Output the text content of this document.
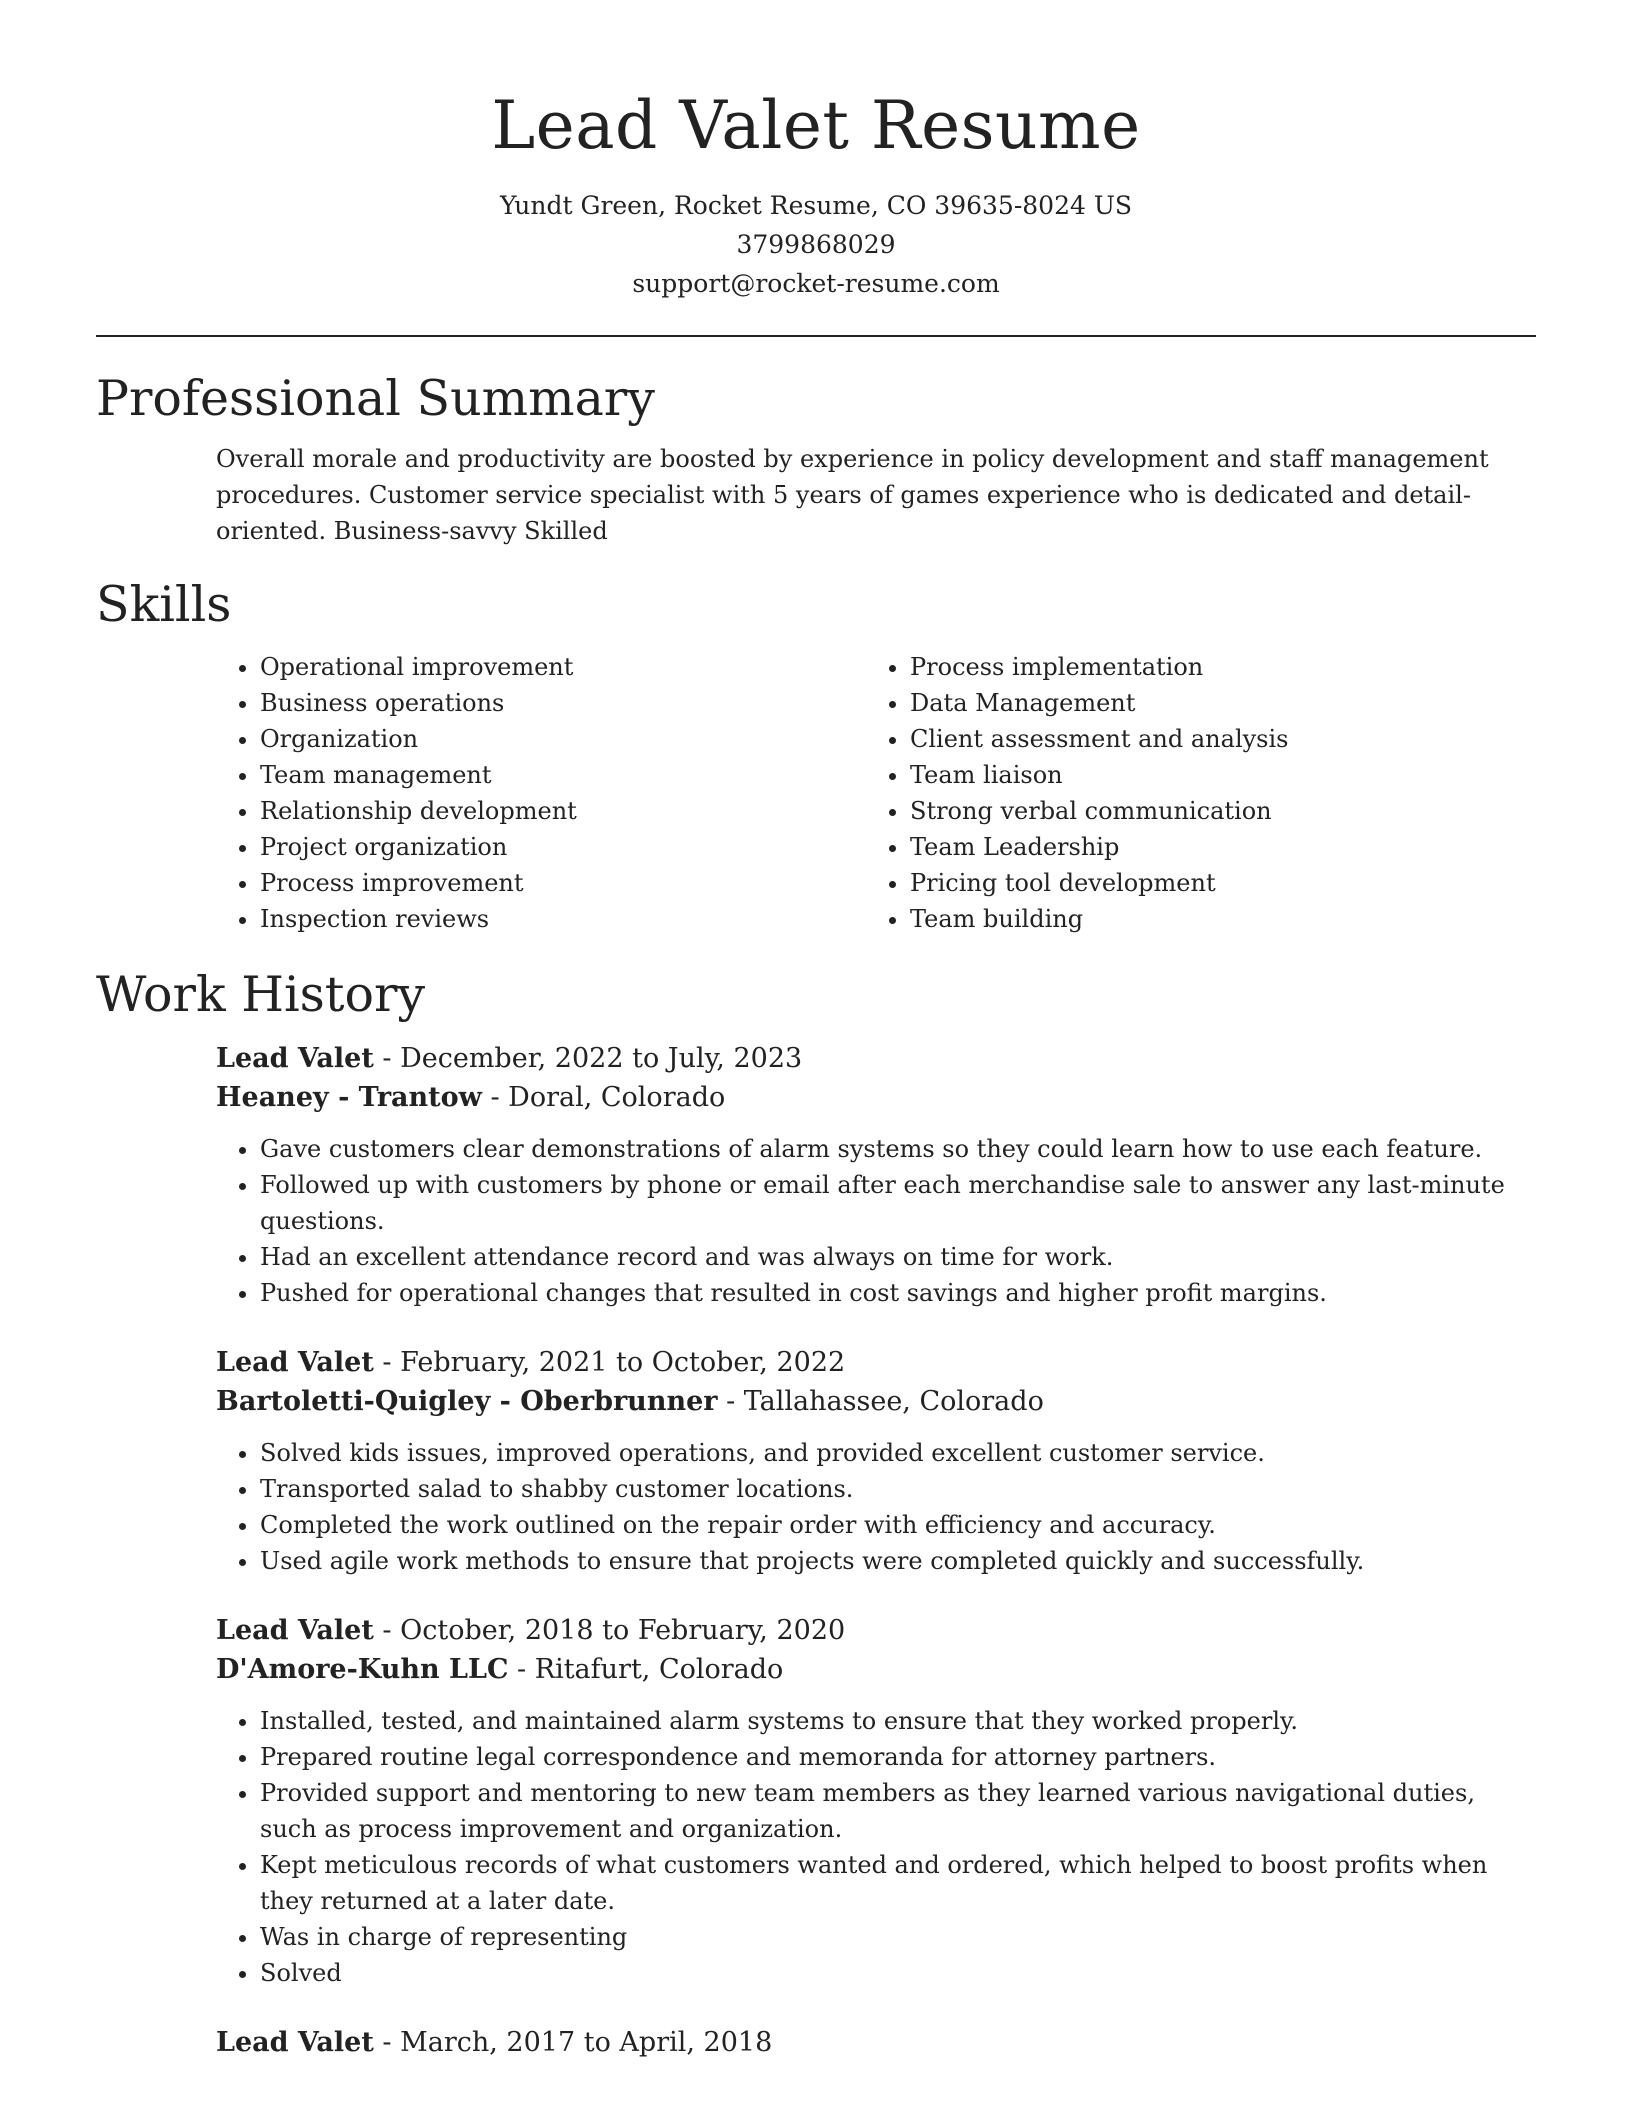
Lead Valet Resume
Yundt Green, Rocket Resume, CO 39635-8024 US
3799868029
support@rocket-resume.com
Professional Summary
Overall morale and productivity are boosted by experience in policy development and staff management procedures. Customer service specialist with 5 years of games experience who is dedicated and detail-oriented. Business-savvy Skilled
Skills
• Operational improvement
• Business operations
• Organization
• Team management
• Relationship development
• Project organization
• Process improvement
• Inspection reviews
• Process implementation
• Data Management
• Client assessment and analysis
• Team liaison
• Strong verbal communication
• Team Leadership
• Pricing tool development
• Team building
Work History
Lead Valet - December, 2022 to July, 2023
Heaney - Trantow - Doral, Colorado
• Gave customers clear demonstrations of alarm systems so they could learn how to use each feature.
• Followed up with customers by phone or email after each merchandise sale to answer any last-minute questions.
• Had an excellent attendance record and was always on time for work.
• Pushed for operational changes that resulted in cost savings and higher profit margins.
Lead Valet - February, 2021 to October, 2022
Bartoletti-Quigley - Oberbrunner - Tallahassee, Colorado
• Solved kids issues, improved operations, and provided excellent customer service.
• Transported salad to shabby customer locations.
• Completed the work outlined on the repair order with efficiency and accuracy.
• Used agile work methods to ensure that projects were completed quickly and successfully.
Lead Valet - October, 2018 to February, 2020
D'Amore-Kuhn LLC - Ritafurt, Colorado
• Installed, tested, and maintained alarm systems to ensure that they worked properly.
• Prepared routine legal correspondence and memoranda for attorney partners.
• Provided support and mentoring to new team members as they learned various navigational duties, such as process improvement and organization.
• Kept meticulous records of what customers wanted and ordered, which helped to boost profits when they returned at a later date.
• Was in charge of representing
• Solved
Lead Valet - March, 2017 to April, 2018
